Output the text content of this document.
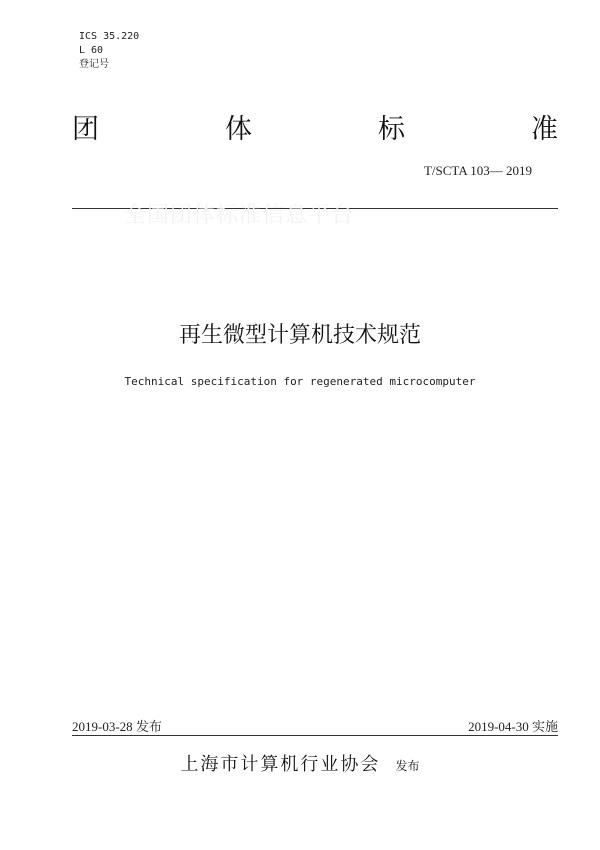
ICS 35.220
L 60
登记号
团	体	标	准
T/SCTA 103— 2019
全国团体标准信息平台
再生微型计算机技术规范
Technical specification for regenerated microcomputer
2019-03-28 发布	2019-04-30 实施
上海市计算机行业协会 发布
